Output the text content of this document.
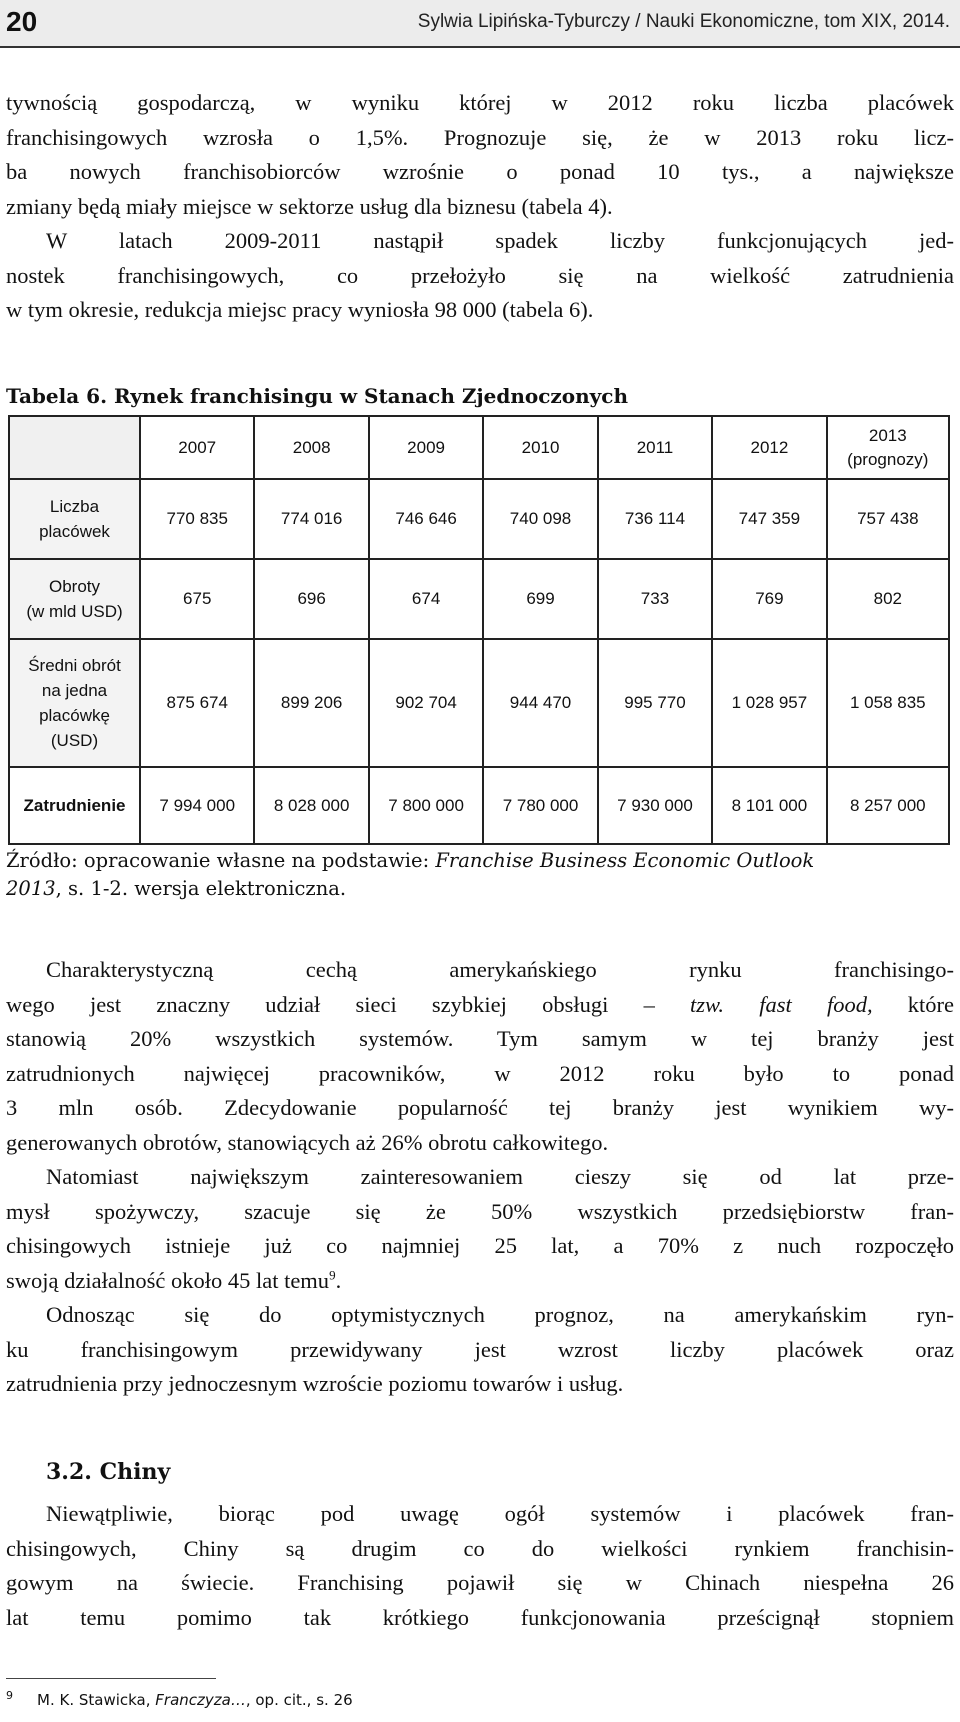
20	Sylwia Lipińska-Tyburczy / Nauki Ekonomiczne, tom XIX, 2014.
tywnością gospodarczą, w wyniku której w 2012 roku liczba placówek
franchisingowych wzrosła o 1,5%. Prognozuje się, że w 2013 roku licz-
ba nowych franchisobiorców wzrośnie o ponad 10 tys., a największe
zmiany będą miały miejsce w sektorze usług dla biznesu (tabela 4).
W latach 2009-2011 nastąpił spadek liczby funkcjonujących jed-
nostek franchisingowych, co przełożyło się na wielkość zatrudnienia
w tym okresie, redukcja miejsc pracy wyniosła 98 000 (tabela 6).
Tabela 6. Rynek franchisingu w Stanach Zjednoczonych
	2007	2008	2009	2010	2011	2012	2013
(prognozy)
Liczba
placówek	770 835	774 016	746 646	740 098	736 114	747 359	757 438
Obroty
(w mld USD)	675	696	674	699	733	769	802
Średni obrót
na jedna
placówkę
(USD)	875 674	899 206	902 704	944 470	995 770	1 028 957	1 058 835
Zatrudnienie	7 994 000	8 028 000	7 800 000	7 780 000	7 930 000	8 101 000	8 257 000
Źródło: opracowanie własne na podstawie: Franchise Business Economic Outlook
2013, s. 1-2. wersja elektroniczna.
Charakterystyczną cechą amerykańskiego rynku franchisingo-
wego jest znaczny udział sieci szybkiej obsługi – tzw. fast food, które
stanowią 20% wszystkich systemów. Tym samym w tej branży jest
zatrudnionych najwięcej pracowników, w 2012 roku było to ponad
3 mln osób. Zdecydowanie popularność tej branży jest wynikiem wy-
generowanych obrotów, stanowiących aż 26% obrotu całkowitego.
Natomiast największym zainteresowaniem cieszy się od lat prze-
mysł spożywczy, szacuje się że 50% wszystkich przedsiębiorstw fran-
chisingowych istnieje już co najmniej 25 lat, a 70% z nuch rozpoczęło
swoją działalność około 45 lat temu$^9$.
Odnosząc się do optymistycznych prognoz, na amerykańskim ryn-
ku franchisingowym przewidywany jest wzrost liczby placówek oraz
zatrudnienia przy jednoczesnym wzroście poziomu towarów i usług.
3.2. Chiny
Niewątpliwie, biorąc pod uwagę ogół systemów i placówek fran-
chisingowych, Chiny są drugim co do wielkości rynkiem franchisin-
gowym na świecie. Franchising pojawił się w Chinach niespełna 26
lat temu pomimo tak krótkiego funkcjonowania prześcignął stopniem
$^9$ M. K. Stawicka, Franczyza…, op. cit., s. 26
